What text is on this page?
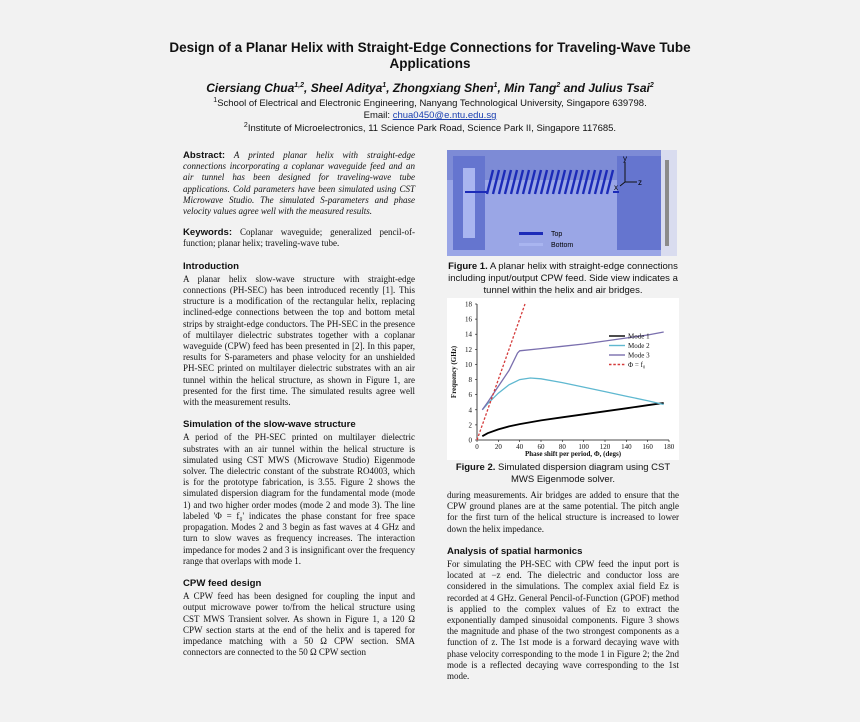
Design of a Planar Helix with Straight-Edge Connections for Traveling-Wave Tube Applications
Ciersiang Chua$^{1,2}$, Sheel Aditya$^1$, Zhongxiang Shen$^1$, Min Tang$^2$ and Julius Tsai$^2$
$^1$School of Electrical and Electronic Engineering, Nanyang Technological University, Singapore 639798.
Email: chua0450@e.ntu.edu.sg
$^2$Institute of Microelectronics, 11 Science Park Road, Science Park II, Singapore 117685.

Abstract: A printed planar helix with straight-edge connections incorporating a coplanar waveguide feed and an air tunnel has been designed for traveling-wave tube applications. Cold parameters have been simulated using CST Microwave Studio. The simulated S-parameters and phase velocity values agree well with the measured results.

Keywords: Coplanar waveguide; generalized pencil-of-function; planar helix; traveling-wave tube.

Introduction

A planar helix slow-wave structure with straight-edge connections (PH-SEC) has been introduced recently [1]. This structure is a modification of the rectangular helix, replacing inclined-edge connections between the top and bottom metal strips by straight-edge conductors. The PH-SEC in the presence of multilayer dielectric substrates together with a coplanar waveguide (CPW) feed has been presented in [2]. In this paper, results for S-parameters and phase velocity for an unshielded PH-SEC printed on multilayer dielectric substrates with an air tunnel within the helical structure, as shown in Figure 1, are presented for the first time. The simulated results agree well with the measurement results.

Simulation of the slow-wave structure

A period of the PH-SEC printed on multilayer dielectric substrates with an air tunnel within the helical structure is simulated using CST MWS (Microwave Studio) Eigenmode solver. The dielectric constant of the substrate RO4003, which is for the prototype fabrication, is 3.55. Figure 2 shows the simulated dispersion diagram for the fundamental mode (mode 1) and two higher order modes (mode 2 and mode 3). The line labeled 'Φ = f₀' indicates the phase constant for free space propagation. Modes 2 and 3 begin as fast waves at 4 GHz and turn to slow waves as frequency increases. The interaction impedance for modes 2 and 3 is insignificant over the frequency range that overlaps with mode 1.

CPW feed design

A CPW feed has been designed for coupling the input and output microwave power to/from the helical structure using CST MWS Transient solver. As shown in Figure 1, a 120 Ω CPW section starts at the end of the helix and is tapered for impedance matching with a 50 Ω CPW section. SMA connectors are connected to the 50 Ω CPW section

y
x
z
Top
Bottom
Figure 1. A planar helix with straight-edge connections including input/output CPW feed. Side view indicates a tunnel within the helix and air bridges.
0 20 40 60 80 100 120 140 160 180
0
2
4
6
8
10
12
14
16
18
Phase shift per period, Φ, (degs)
Frequency (GHz)
Mode 1
Mode 2
Mode 3
Φ = f₀
Figure 2. Simulated dispersion diagram using CST MWS Eigenmode solver.

during measurements. Air bridges are added to ensure that the CPW ground planes are at the same potential. The pitch angle for the first turn of the helical structure is increased to lower down the helix impedance.

Analysis of spatial harmonics

For simulating the PH-SEC with CPW feed the input port is located at −z end. The dielectric and conductor loss are considered in the simulations. The complex axial field Ez is recorded at 4 GHz. General Pencil-of-Function (GPOF) method is applied to the complex values of Ez to extract the exponentially damped sinusoidal components. Figure 3 shows the magnitude and phase of the two strongest components as a function of z. The 1st mode is a forward decaying wave with phase velocity corresponding to the mode 1 in Figure 2; the 2nd mode is a reflected decaying wave corresponding to the 1st mode.
